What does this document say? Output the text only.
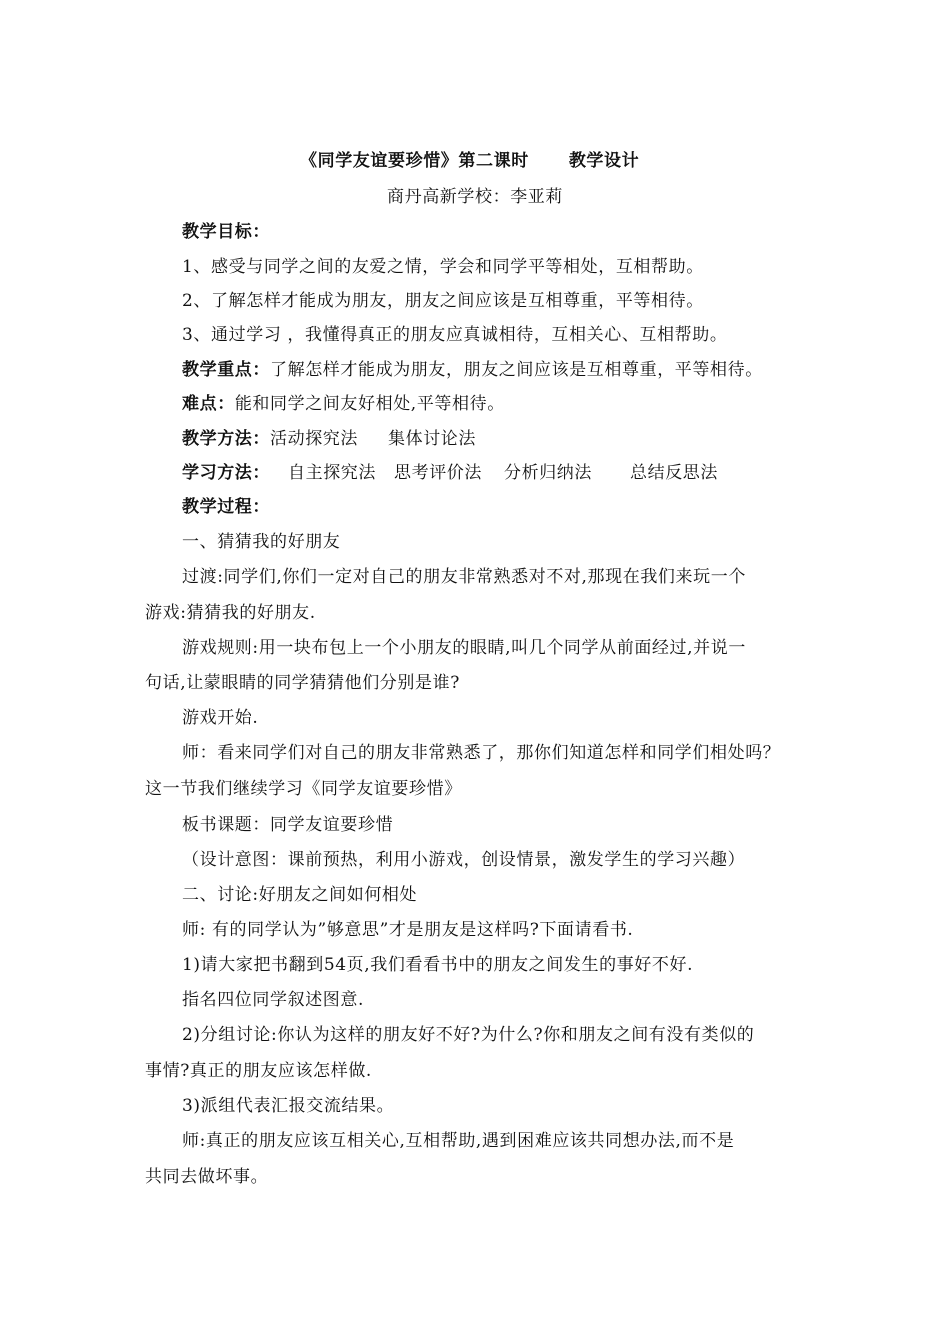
《同学友谊要珍惜》第二课时 教学设计
商丹高新学校：李亚莉
教学目标：
1、感受与同学之间的友爱之情，学会和同学平等相处，互相帮助。
2、了解怎样才能成为朋友，朋友之间应该是互相尊重，平等相待。
3、通过学习 ，我懂得真正的朋友应真诚相待，互相关心、互相帮助。
教学重点：了解怎样才能成为朋友，朋友之间应该是互相尊重，平等相待。
难点：能和同学之间友好相处,平等相待。
教学方法：活动探究法 集体讨论法
学习方法： 自主探究法 思考评价法 分析归纳法 总结反思法
教学过程：
一、猜猜我的好朋友
过渡:同学们,你们一定对自己的朋友非常熟悉对不对,那现在我们来玩一个
游戏:猜猜我的好朋友.
游戏规则:用一块布包上一个小朋友的眼睛,叫几个同学从前面经过,并说一
句话,让蒙眼睛的同学猜猜他们分别是谁?
游戏开始.
师：看来同学们对自己的朋友非常熟悉了，那你们知道怎样和同学们相处吗？
这一节我们继续学习《同学友谊要珍惜》
板书课题：同学友谊要珍惜
（设计意图：课前预热，利用小游戏，创设情景，激发学生的学习兴趣）
二、讨论:好朋友之间如何相处
师: 有的同学认为”够意思”才是朋友是这样吗?下面请看书.
1)请大家把书翻到54页,我们看看书中的朋友之间发生的事好不好.
指名四位同学叙述图意.
2)分组讨论:你认为这样的朋友好不好?为什么?你和朋友之间有没有类似的
事情?真正的朋友应该怎样做.
3)派组代表汇报交流结果。
师:真正的朋友应该互相关心,互相帮助,遇到困难应该共同想办法,而不是
共同去做坏事。
